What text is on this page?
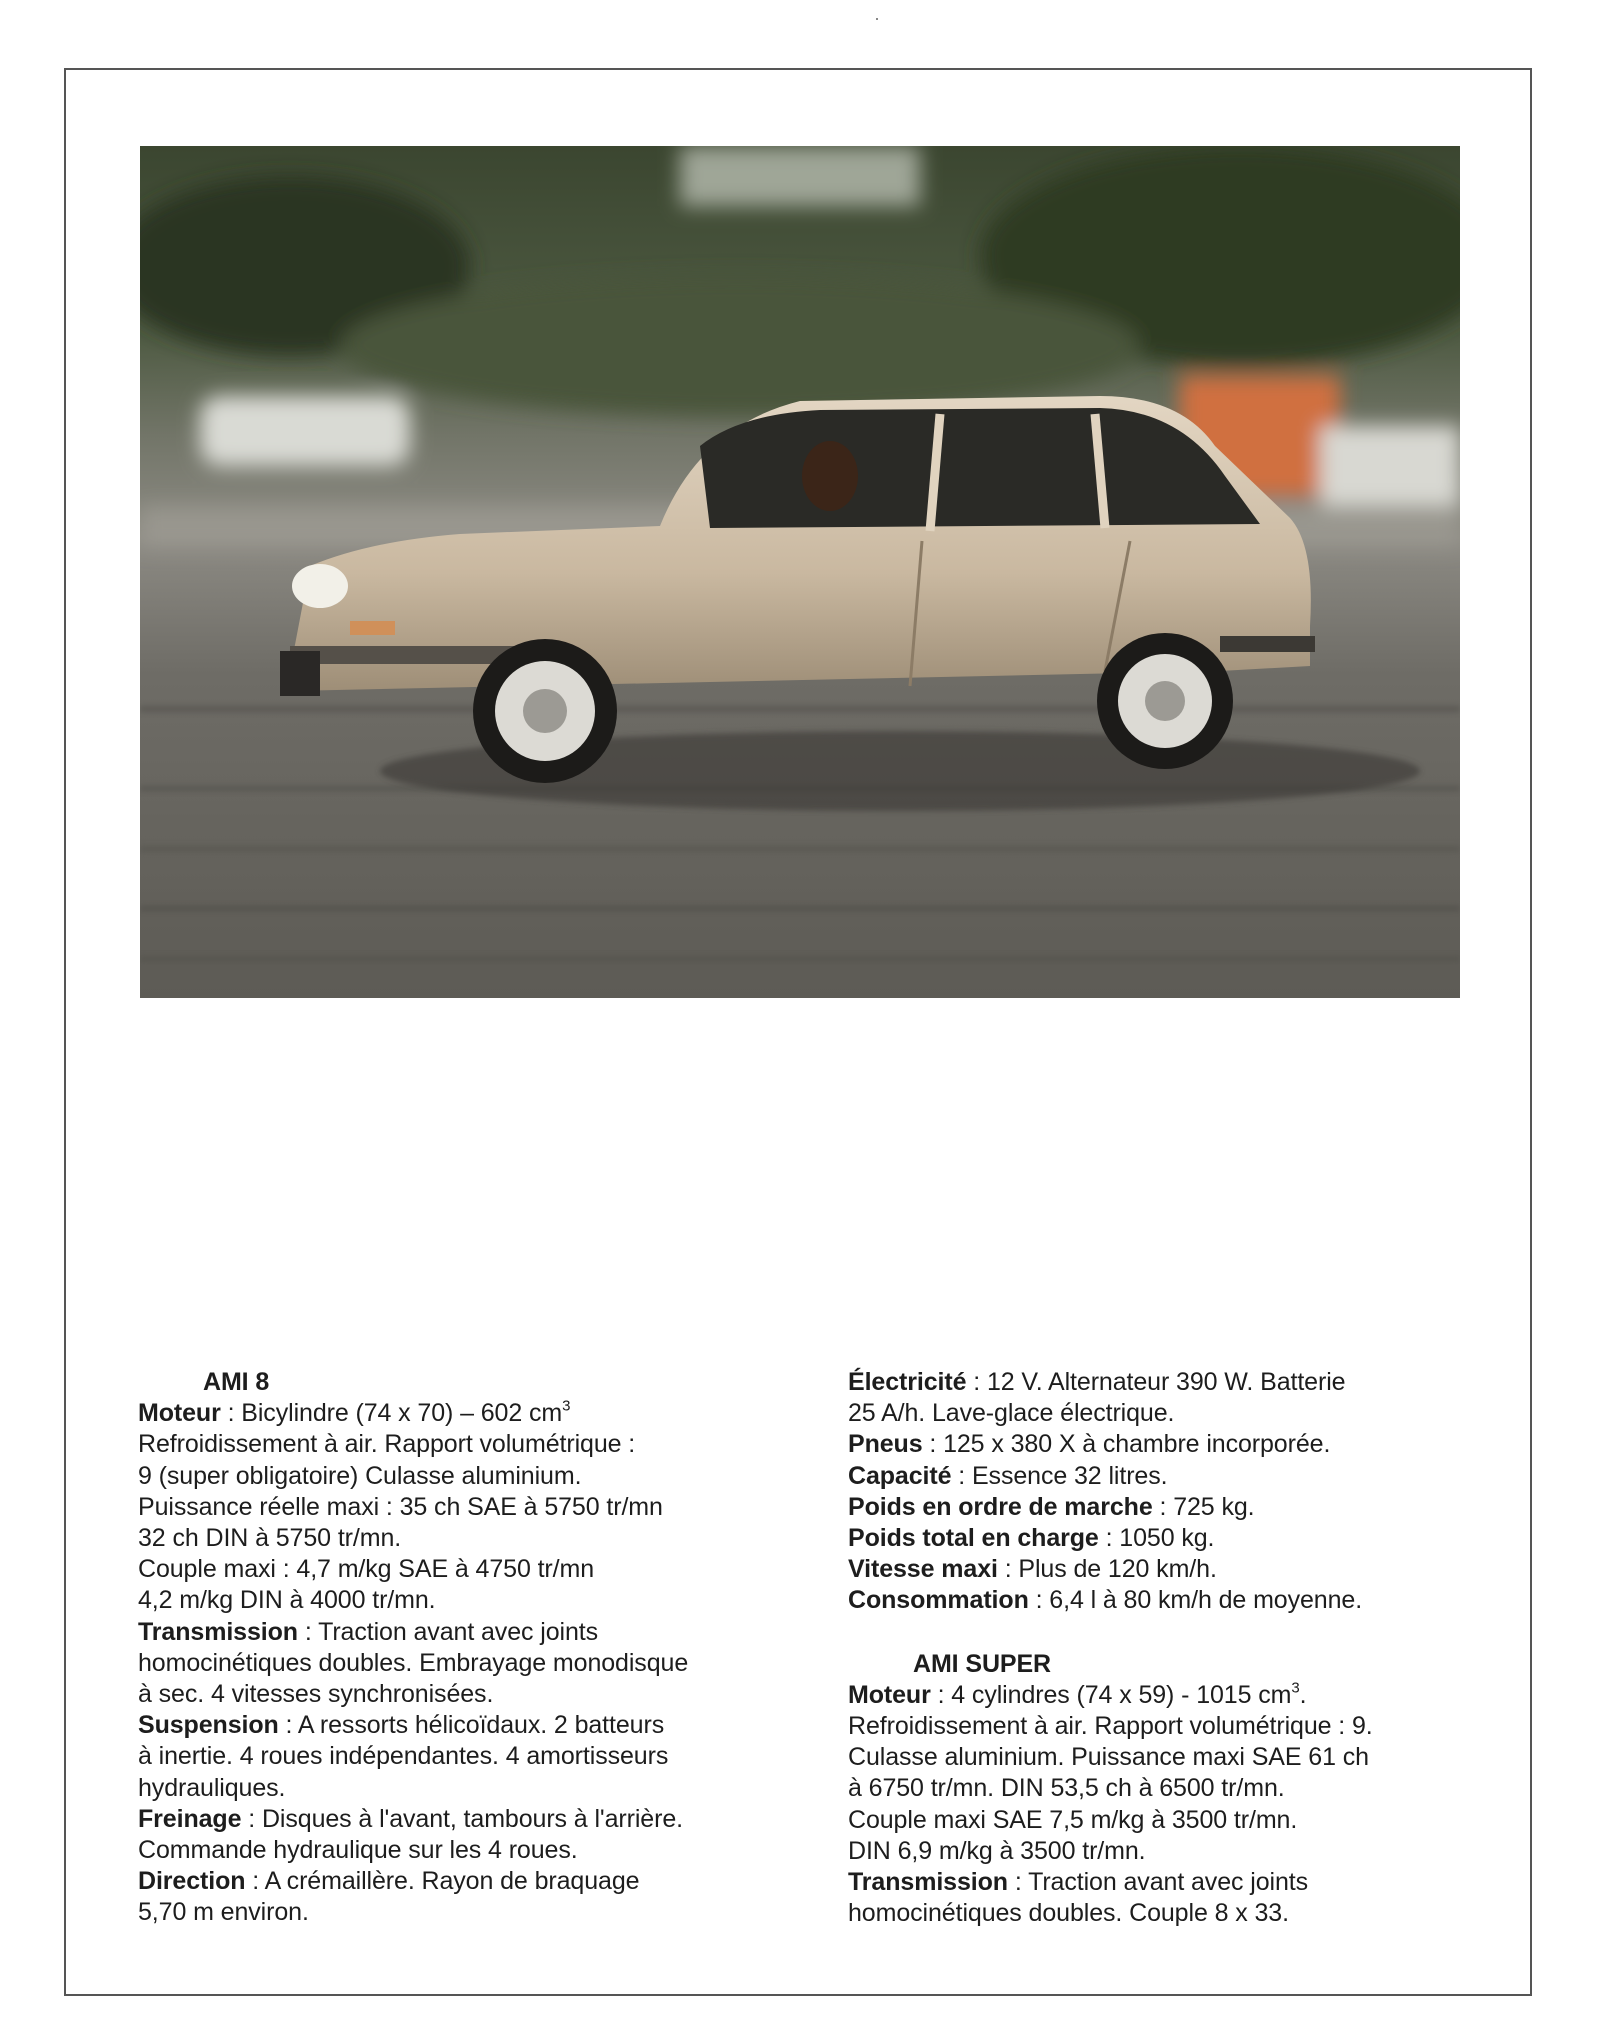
AMI 8
Moteur : Bicylindre (74 x 70) – 602 $cm^3$
Refroidissement à air. Rapport volumétrique :
9 (super obligatoire) Culasse aluminium.
Puissance réelle maxi : 35 ch SAE à 5750 tr/mn
32 ch DIN à 5750 tr/mn.
Couple maxi : 4,7 m/kg SAE à 4750 tr/mn
4,2 m/kg DIN à 4000 tr/mn.
Transmission : Traction avant avec joints
homocinétiques doubles. Embrayage monodisque
à sec. 4 vitesses synchronisées.
Suspension : A ressorts hélicoïdaux. 2 batteurs
à inertie. 4 roues indépendantes. 4 amortisseurs
hydrauliques.
Freinage : Disques à l'avant, tambours à l'arrière.
Commande hydraulique sur les 4 roues.
Direction : A crémaillère. Rayon de braquage
5,70 m environ.
Électricité : 12 V. Alternateur 390 W. Batterie
25 A/h. Lave-glace électrique.
Pneus : 125 x 380 X à chambre incorporée.
Capacité : Essence 32 litres.
Poids en ordre de marche : 725 kg.
Poids total en charge : 1050 kg.
Vitesse maxi : Plus de 120 km/h.
Consommation : 6,4 l à 80 km/h de moyenne.
AMI SUPER
Moteur : 4 cylindres (74 x 59) - 1015 $cm^3$.
Refroidissement à air. Rapport volumétrique : 9.
Culasse aluminium. Puissance maxi SAE 61 ch
à 6750 tr/mn. DIN 53,5 ch à 6500 tr/mn.
Couple maxi SAE 7,5 m/kg à 3500 tr/mn.
DIN 6,9 m/kg à 3500 tr/mn.
Transmission : Traction avant avec joints
homocinétiques doubles. Couple 8 x 33.
